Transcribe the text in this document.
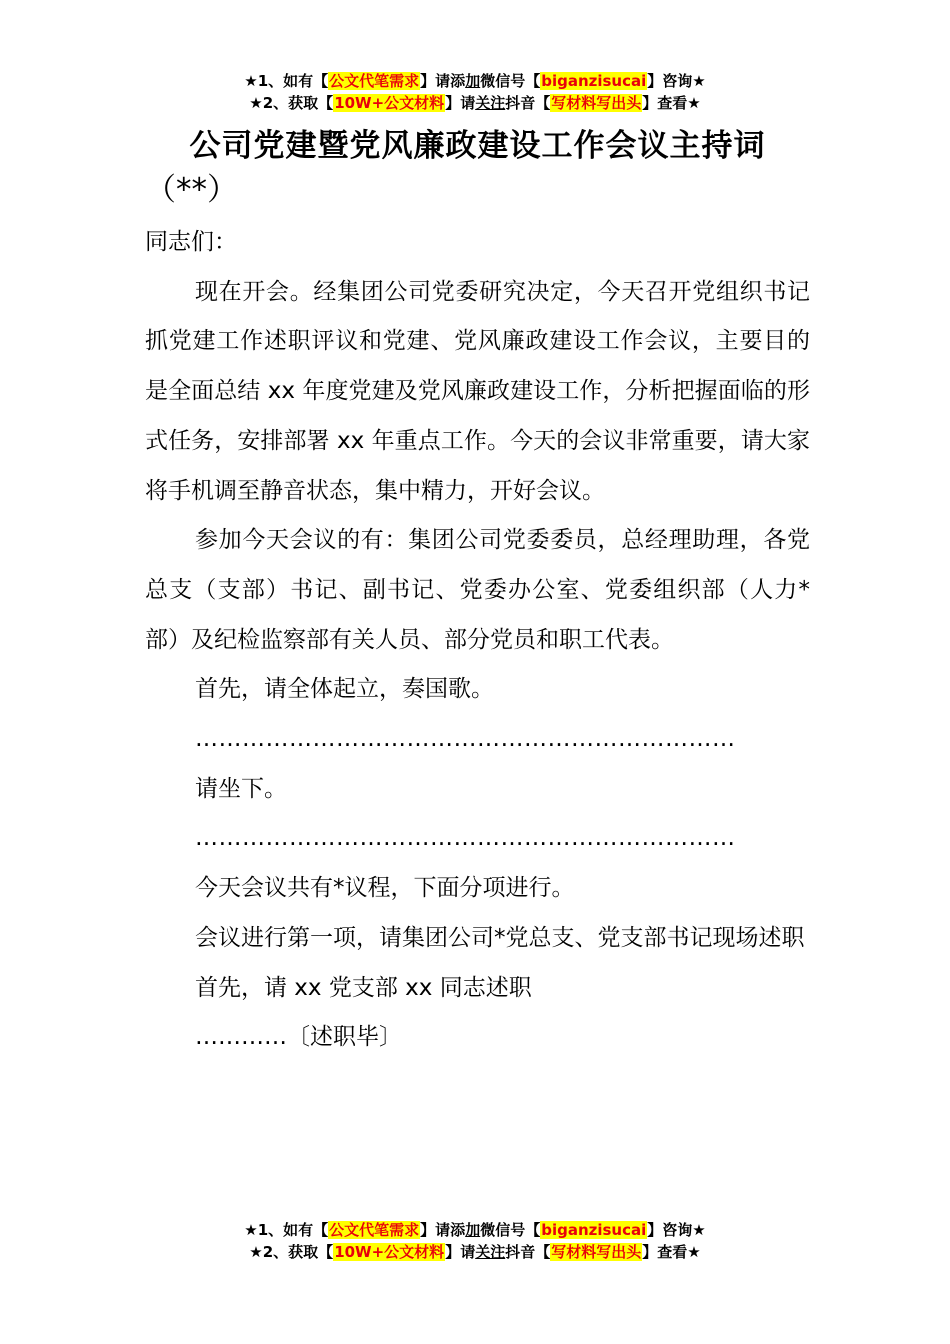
★1、如有【公文代笔需求】请添加微信号【biganzisucai】咨询★
★2、获取【10W+公文材料】请关注抖音【写材料写出头】查看★
公司党建暨党风廉政建设工作会议主持词
（**）

同志们：

现在开会。经集团公司党委研究决定，今天召开党组织书记抓党建工作述职评议和党建、党风廉政建设工作会议，主要目的是全面总结 xx 年度党建及党风廉政建设工作，分析把握面临的形式任务，安排部署 xx 年重点工作。今天的会议非常重要，请大家将手机调至静音状态，集中精力，开好会议。

参加今天会议的有：集团公司党委委员，总经理助理，各党总支（支部）书记、副书记、党委办公室、党委组织部（人力*部）及纪检监察部有关人员、部分党员和职工代表。

首先，请全体起立，奏国歌。

……………………………………………………………

请坐下。

……………………………………………………………

今天会议共有*议程，下面分项进行。

会议进行第一项，请集团公司*党总支、党支部书记现场述职

首先，请 xx 党支部 xx 同志述职

…………〔述职毕〕

★1、如有【公文代笔需求】请添加微信号【biganzisucai】咨询★
★2、获取【10W+公文材料】请关注抖音【写材料写出头】查看★
